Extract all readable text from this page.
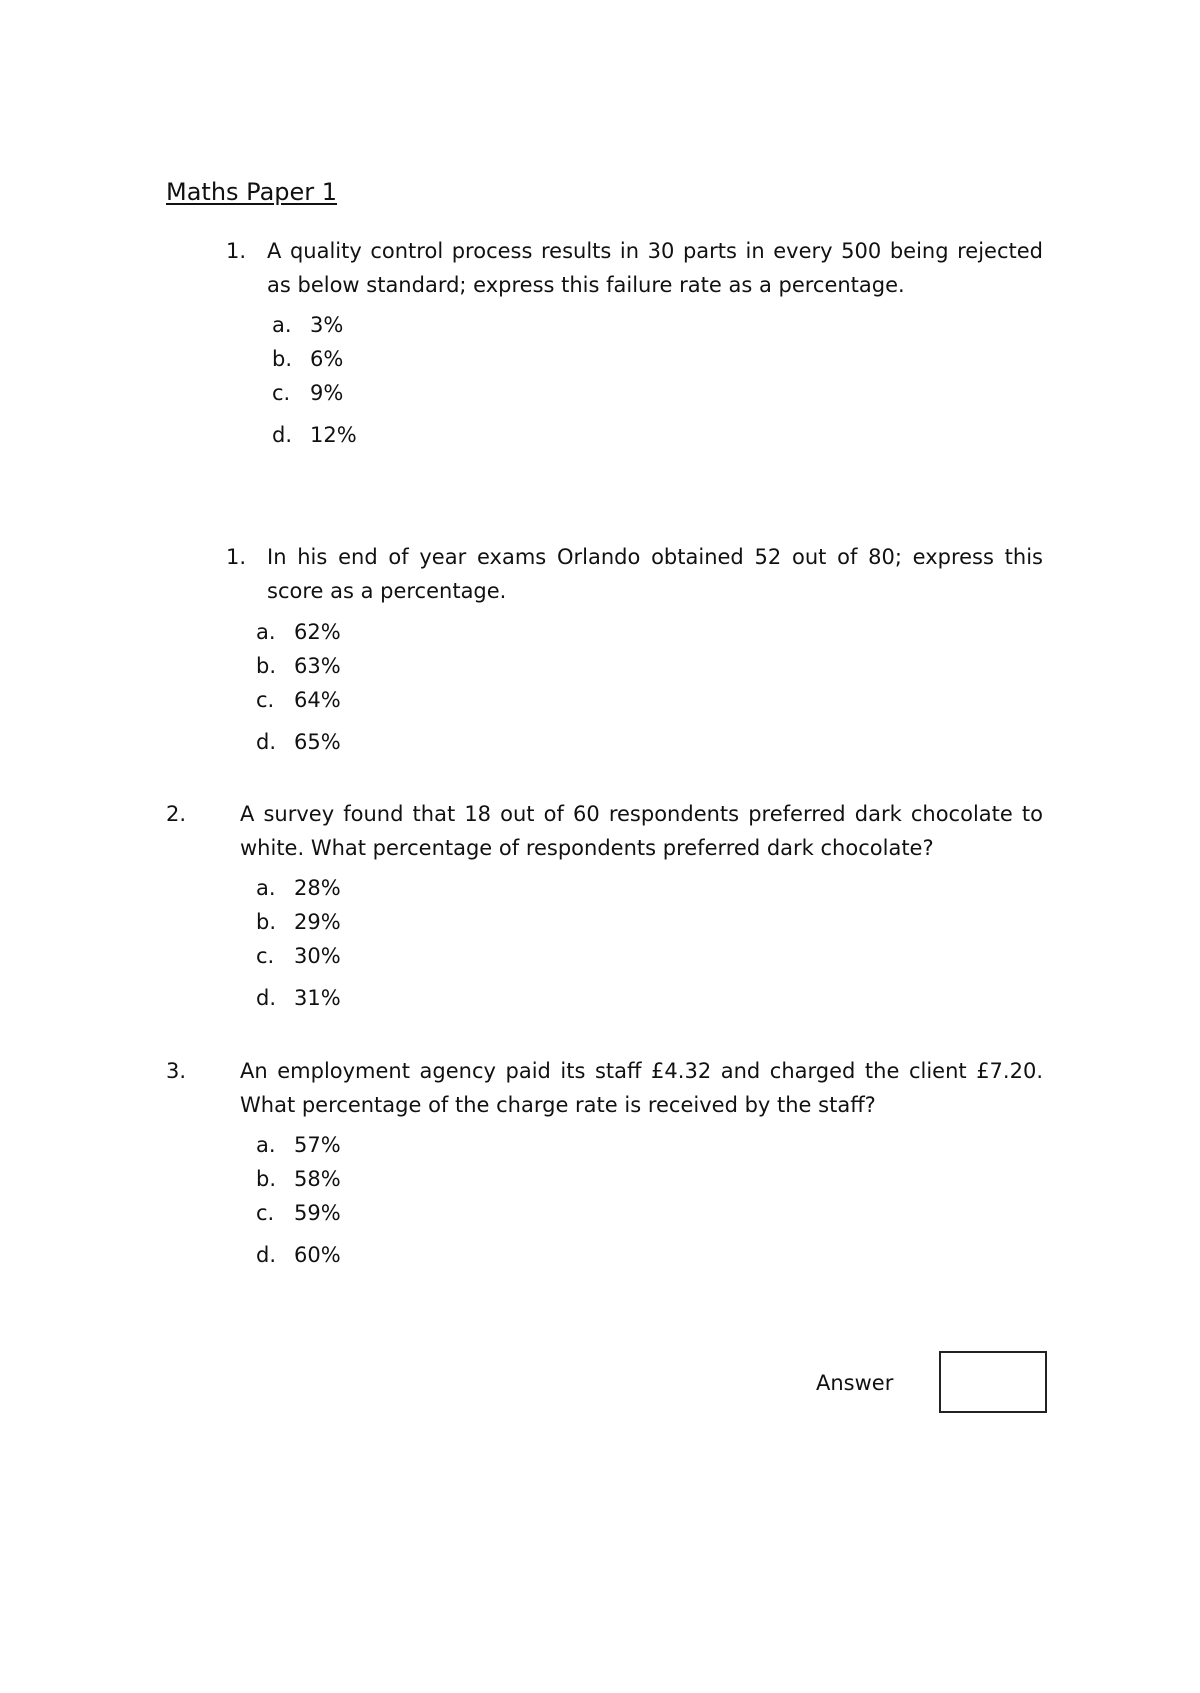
Maths Paper 1
1. A quality control process results in 30 parts in every 500 being rejected as below standard; express this failure rate as a percentage.
a. 3%
b. 6%
c. 9%
d. 12%
1. In his end of year exams Orlando obtained 52 out of 80; express this score as a percentage.
a. 62%
b. 63%
c. 64%
d. 65%
2.	A survey found that 18 out of 60 respondents preferred dark chocolate to white. What percentage of respondents preferred dark chocolate?
a. 28%
b. 29%
c. 30%
d. 31%
3.	An employment agency paid its staff £4.32 and charged the client £7.20. What percentage of the charge rate is received by the staff?
a. 57%
b. 58%
c. 59%
d. 60%
Answer
